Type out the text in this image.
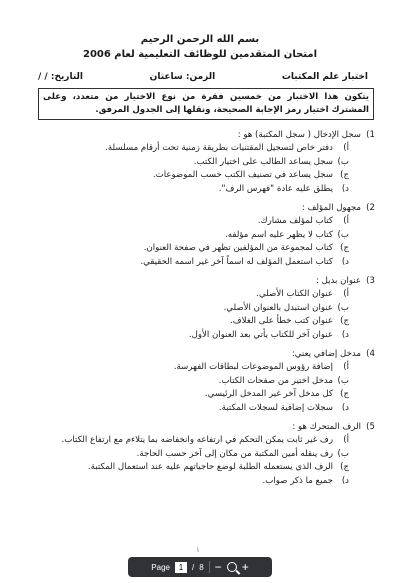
بسم الله الرحمن الرحيم
امتحان المتقدمين للوظائف التعليمية لعام 2006
اختبار علم المكتبات
الزمن: ساعتان
التاريخ: / /
يتكون هذا الاختبار من خمسين فقرة من نوع الاختيار من متعدد، وعلى المشترك اختيار رمز الإجابة الصحيحة، ونقلها إلى الجدول المرفق.
1)سجل الإدخال ( سجل المكتبة) هو :
أ)
دفتر خاص لتسجيل المقتنيات بطريقة زمنية تحت أرقام مسلسلة.
ب)
سجل يساعد الطالب على اختيار الكتب.
ج)
سجل يساعد في تصنيف الكتب حسب الموضوعات.
د)
يطلق عليه عادة "فهرس الرف".
2)مجهول المؤلف :
أ)
كتاب لمؤلف مشارك.
ب)
كتاب لا يظهر عليه اسم مؤلفه.
ج)
كتاب لمجموعة من المؤلفين تظهر في صفحة العنوان.
د)
كتاب استعمل المؤلف له اسماً آخر غير اسمه الحقيقي.
3)عنوان بديل :
أ)
عنوان الكتاب الأصلي.
ب)
عنوان استبدل بالعنوان الأصلي.
ج)
عنوان كتب خطأ على الغلاف.
د)
عنوان آخر للكتاب يأتي بعد العنوان الأول.
4)مدخل إضافي يعني:
أ)
إضافة رؤوس الموضوعات لبطاقات الفهرسة.
ب)
مدخل اختير من صفحات الكتاب.
ج)
كل مدخل آخر غير المدخل الرئيسي.
د)
سجلات إضافية لسجلات المكتبة.
5)الرف المتحرك هو :
أ)
رف غير ثابت يمكن التحكم في ارتفاعه وانخفاضه بما يتلاءم مع ارتفاع الكتاب.
ب)
رف ينقله أمين المكتبة من مكان إلى آخر حسب الحاجة.
ج)
الرف الذي يستعمله الطلبة لوضع حاجياتهم عليه عند استعمال المكتبة.
د)
جميع ما ذكر صواب.
١
Page	1	/ 8 − +
